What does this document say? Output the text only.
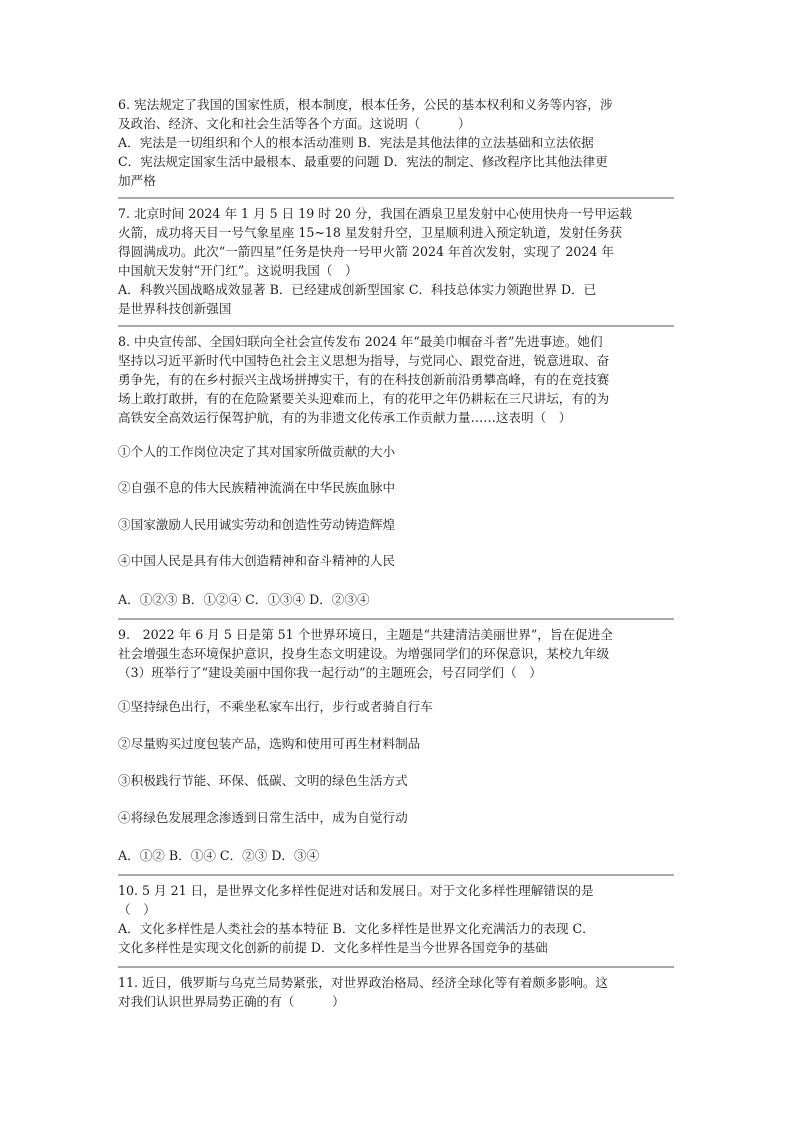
6. 宪法规定了我国的国家性质，根本制度，根本任务，公民的基本权利和义务等内容，涉
及政治、经济、文化和社会生活等各个方面。这说明（　　　）
A．宪法是一切组织和个人的根本活动准则 B．宪法是其他法律的立法基础和立法依据
C．宪法规定国家生活中最根本、最重要的问题 D．宪法的制定、修改程序比其他法律更
加严格
7. 北京时间 2024 年 1 月 5 日 19 时 20 分，我国在酒泉卫星发射中心使用快舟一号甲运载
火箭，成功将天目一号气象星座 15~18 星发射升空，卫星顺利进入预定轨道，发射任务获
得圆满成功。此次“一箭四星”任务是快舟一号甲火箭 2024 年首次发射，实现了 2024 年
中国航天发射“开门红”。这说明我国（　）
A．科教兴国战略成效显著 B．已经建成创新型国家 C．科技总体实力领跑世界 D．已
是世界科技创新强国
8. 中央宣传部、全国妇联向全社会宣传发布 2024 年“最美巾帼奋斗者”先进事迹。她们
坚持以习近平新时代中国特色社会主义思想为指导，与党同心、跟党奋进，锐意进取、奋
勇争先，有的在乡村振兴主战场拼搏实干，有的在科技创新前沿勇攀高峰，有的在竞技赛
场上敢打敢拼，有的在危险紧要关头迎难而上，有的花甲之年仍耕耘在三尺讲坛，有的为
高铁安全高效运行保驾护航，有的为非遗文化传承工作贡献力量……这表明（　）
①个人的工作岗位决定了其对国家所做贡献的大小
②自强不息的伟大民族精神流淌在中华民族血脉中
③国家激励人民用诚实劳动和创造性劳动铸造辉煌
④中国人民是具有伟大创造精神和奋斗精神的人民
A．①②③ B．①②④ C．①③④ D．②③④
9.　2022 年 6 月 5 日是第 51 个世界环境日，主题是“共建清洁美丽世界”，旨在促进全
社会增强生态环境保护意识，投身生态文明建设。为增强同学们的环保意识，某校九年级
（3）班举行了“建设美丽中国你我一起行动”的主题班会，号召同学们（　）
①坚持绿色出行，不乘坐私家车出行，步行或者骑自行车
②尽量购买过度包装产品，选购和使用可再生材料制品
③积极践行节能、环保、低碳、文明的绿色生活方式
④将绿色发展理念渗透到日常生活中，成为自觉行动
A．①② B．①④ C．②③ D．③④
10. 5 月 21 日，是世界文化多样性促进对话和发展日。对于文化多样性理解错误的是
（　）
A．文化多样性是人类社会的基本特征 B．文化多样性是世界文化充满活力的表现 C．
文化多样性是实现文化创新的前提 D．文化多样性是当今世界各国竞争的基础
11. 近日，俄罗斯与乌克兰局势紧张，对世界政治格局、经济全球化等有着颇多影响。这
对我们认识世界局势正确的有（　　　）
